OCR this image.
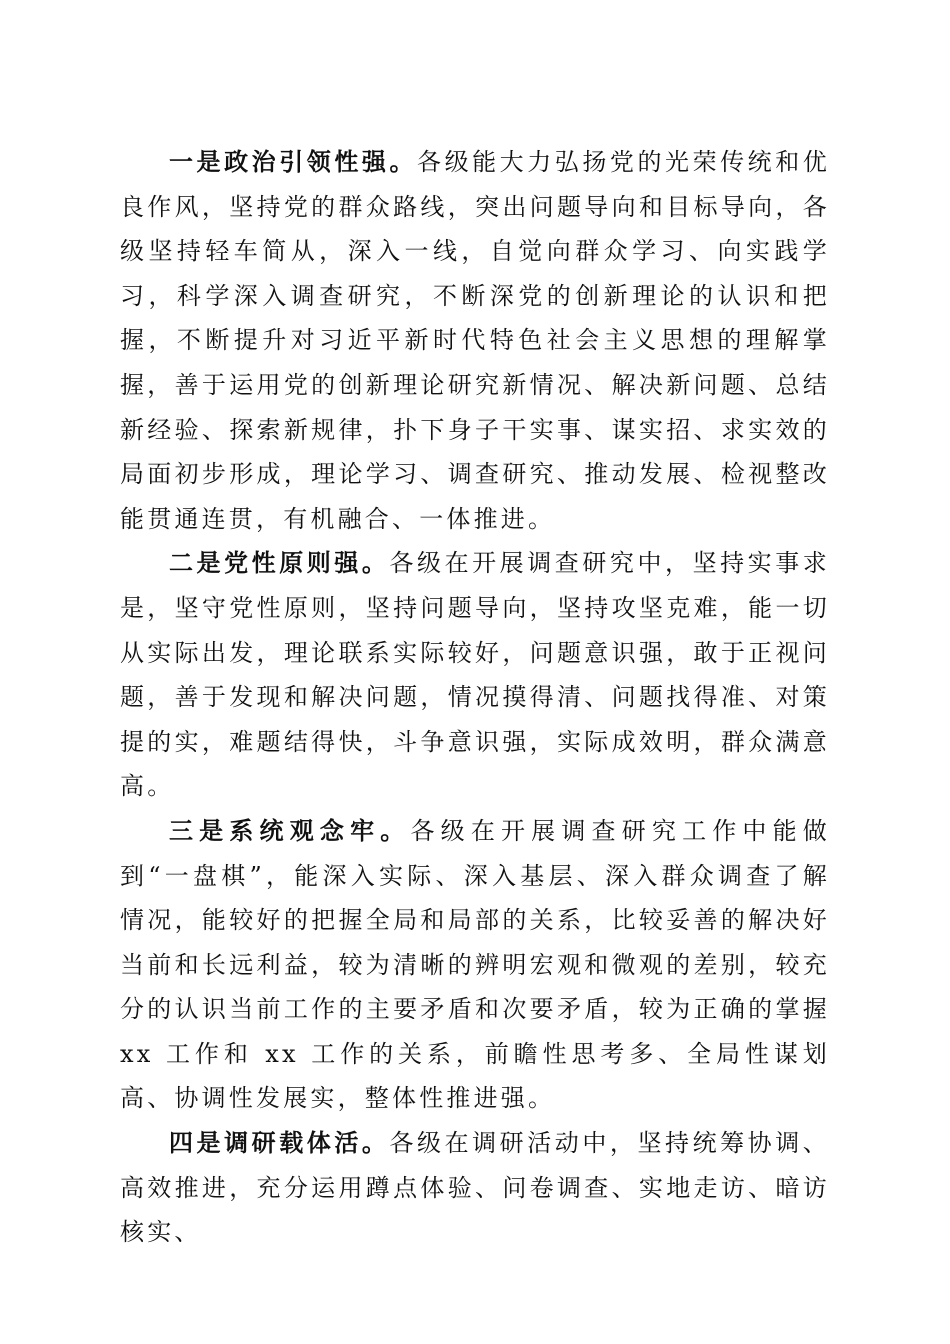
一是政治引领性强。各级能大力弘扬党的光荣传统和优良作风，坚持党的群众路线，突出问题导向和目标导向，各级坚持轻车简从，深入一线，自觉向群众学习、向实践学习，科学深入调查研究，不断深党的创新理论的认识和把握，不断提升对习近平新时代特色社会主义思想的理解掌握，善于运用党的创新理论研究新情况、解决新问题、总结新经验、探索新规律，扑下身子干实事、谋实招、求实效的局面初步形成，理论学习、调查研究、推动发展、检视整改能贯通连贯，有机融合、一体推进。

二是党性原则强。各级在开展调查研究中，坚持实事求是，坚守党性原则，坚持问题导向，坚持攻坚克难，能一切从实际出发，理论联系实际较好，问题意识强，敢于正视问题，善于发现和解决问题，情况摸得清、问题找得准、对策提的实，难题结得快，斗争意识强，实际成效明，群众满意高。

三是系统观念牢。各级在开展调查研究工作中能做到“一盘棋”，能深入实际、深入基层、深入群众调查了解情况，能较好的把握全局和局部的关系，比较妥善的解决好当前和长远利益，较为清晰的辨明宏观和微观的差别，较充分的认识当前工作的主要矛盾和次要矛盾，较为正确的掌握 xx 工作和 xx 工作的关系，前瞻性思考多、全局性谋划高、协调性发展实，整体性推进强。

四是调研载体活。各级在调研活动中，坚持统筹协调、高效推进，充分运用蹲点体验、问卷调查、实地走访、暗访核实、
